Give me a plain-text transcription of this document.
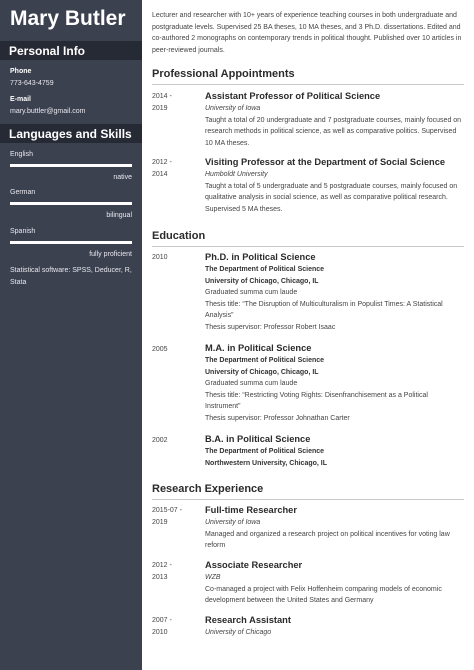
Mary Butler
Personal Info
Phone
773-643-4759
E-mail
mary.buttler@gmail.com
Languages and Skills
English
native
German
bilingual
Spanish
fully proficient
Statistical software: SPSS, Deducer, R, Stata
Lecturer and researcher with 10+ years of experience teaching courses in both undergraduate and postgraduate levels. Supervised 25 BA theses, 10 MA theses, and 3 Ph.D. dissertations. Edited and co-authored 2 monographs on contemporary trends in political thought. Published over 10 articles in peer-reviewed journals.
Professional Appointments
2014 -
2019
Assistant Professor of Political Science
University of Iowa
Taught a total of 20 undergraduate and 7 postgraduate courses, mainly focused on research methods in political science, as well as comparative politics. Supervised 10 MA theses.
2012 -
2014
Visiting Professor at the Department of Social Science
Humboldt University
Taught a total of 5 undergraduate and 5 postgraduate courses, mainly focused on qualitative analysis in social science, as well as comparative political research. Supervised 5 MA theses.
Education
2010	Ph.D. in Political Science
The Department of Political Science
University of Chicago, Chicago, IL
Graduated summa cum laude
Thesis title: “The Disruption of Multiculturalism in Populist Times: A Statistical Analysis”
Thesis supervisor: Professor Robert Isaac
2005	M.A. in Political Science
The Department of Political Science
University of Chicago, Chicago, IL
Graduated summa cum laude
Thesis title: “Restricting Voting Rights: Disenfranchisement as a Political Instrument”
Thesis supervisor: Professor Johnathan Carter
2002	B.A. in Political Science
The Department of Political Science
Northwestern University, Chicago, IL
Research Experience
2015-07 -
2019
Full-time Researcher
University of Iowa
Managed and organized a research project on political incentives for voting law reform
2012 -
2013
Associate Researcher
WZB
Co-managed a project with Felix Hoffenheim comparing models of economic development between the United States and Germany
2007 -
2010
Research Assistant
University of Chicago
